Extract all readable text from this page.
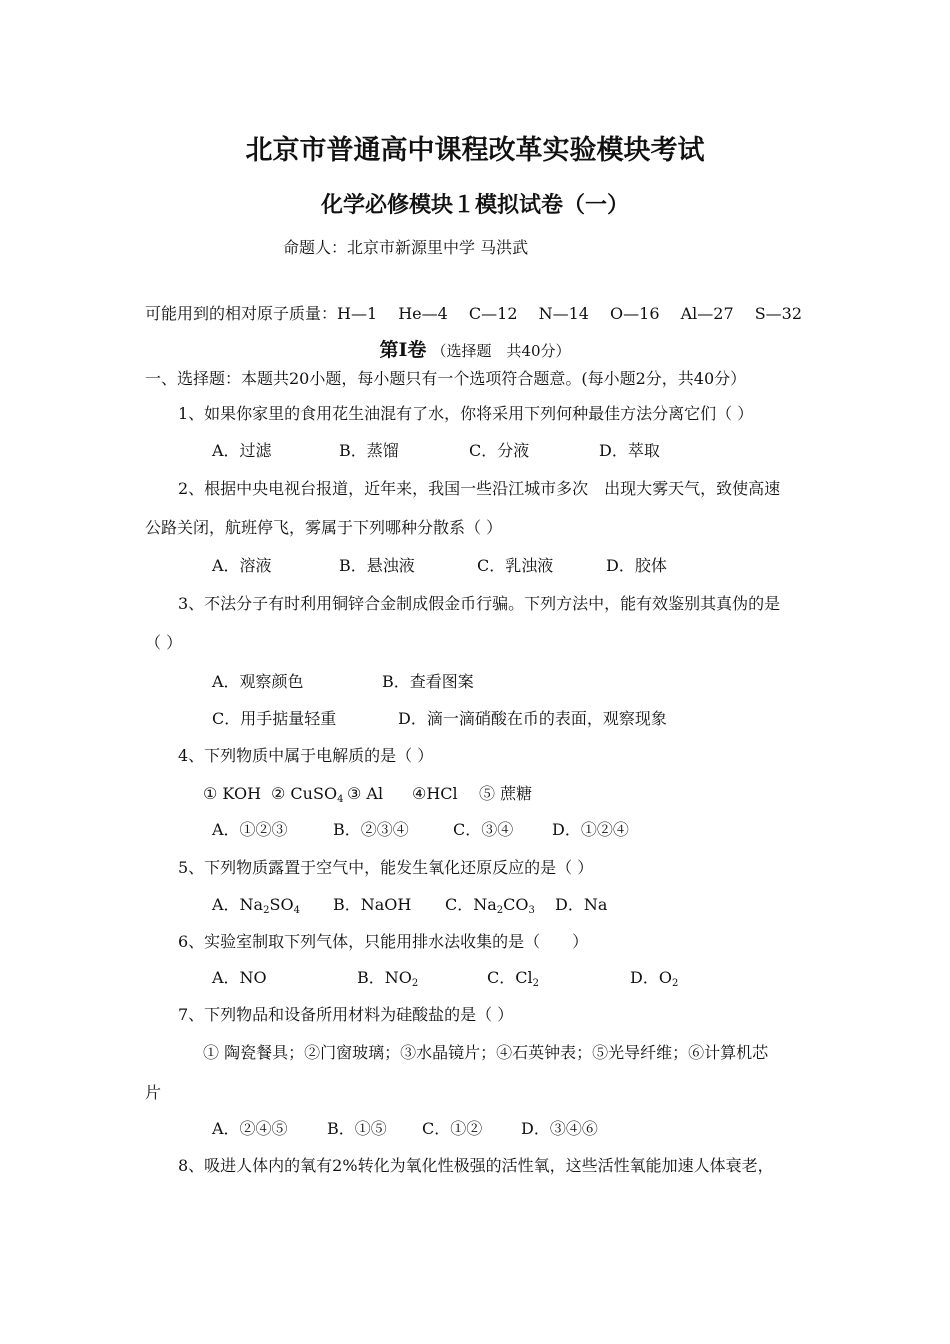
北京市普通高中课程改革实验模块考试
化学必修模块１模拟试卷（一）
命题人：北京市新源里中学 马洪武
可能用到的相对原子质量：H—1　 He—4　 C—12　 N—14　 O—16　 Al—27　 S—32
第Ⅰ卷 （选择题　共40分）
一、选择题：本题共20小题，每小题只有一个选项符合题意。(每小题2分，共40分）
1、如果你家里的食用花生油混有了水，你将采用下列何种最佳方法分离它们（ ）
A．过滤	B．蒸馏	C．分液	D．萃取
2、根据中央电视台报道，近年来，我国一些沿江城市多次　出现大雾天气，致使高速
公路关闭，航班停飞，雾属于下列哪种分散系（ ）
A．溶液	B．悬浊液	C．乳浊液	D．胶体
3、不法分子有时利用铜锌合金制成假金币行骗。下列方法中，能有效鉴别其真伪的是
（ ）
A．观察颜色	B．查看图案
C．用手掂量轻重	D．滴一滴硝酸在币的表面，观察现象
4、下列物质中属于电解质的是（ ）
① KOH ② CuSO$_4$ ③ Al ④HCl ⑤ 蔗糖
A．①②③	B．②③④	C．③④ D．①②④
5、下列物质露置于空气中，能发生氧化还原反应的是（ ）
A．$Na_2SO_4$ B．NaOH C．$Na_2CO_3$ D．Na
6、实验室制取下列气体，只能用排水法收集的是（　　）
A．NO	B．$NO_2$	C．$Cl_2$	D．$O_2$
7、下列物品和设备所用材料为硅酸盐的是（ ）
① 陶瓷餐具；②门窗玻璃；③水晶镜片；④石英钟表；⑤光导纤维；⑥计算机芯
片
A．②④⑤ B．①⑤ C．①② D．③④⑥
8、吸进人体内的氧有2%转化为氧化性极强的活性氧，这些活性氧能加速人体衰老，
